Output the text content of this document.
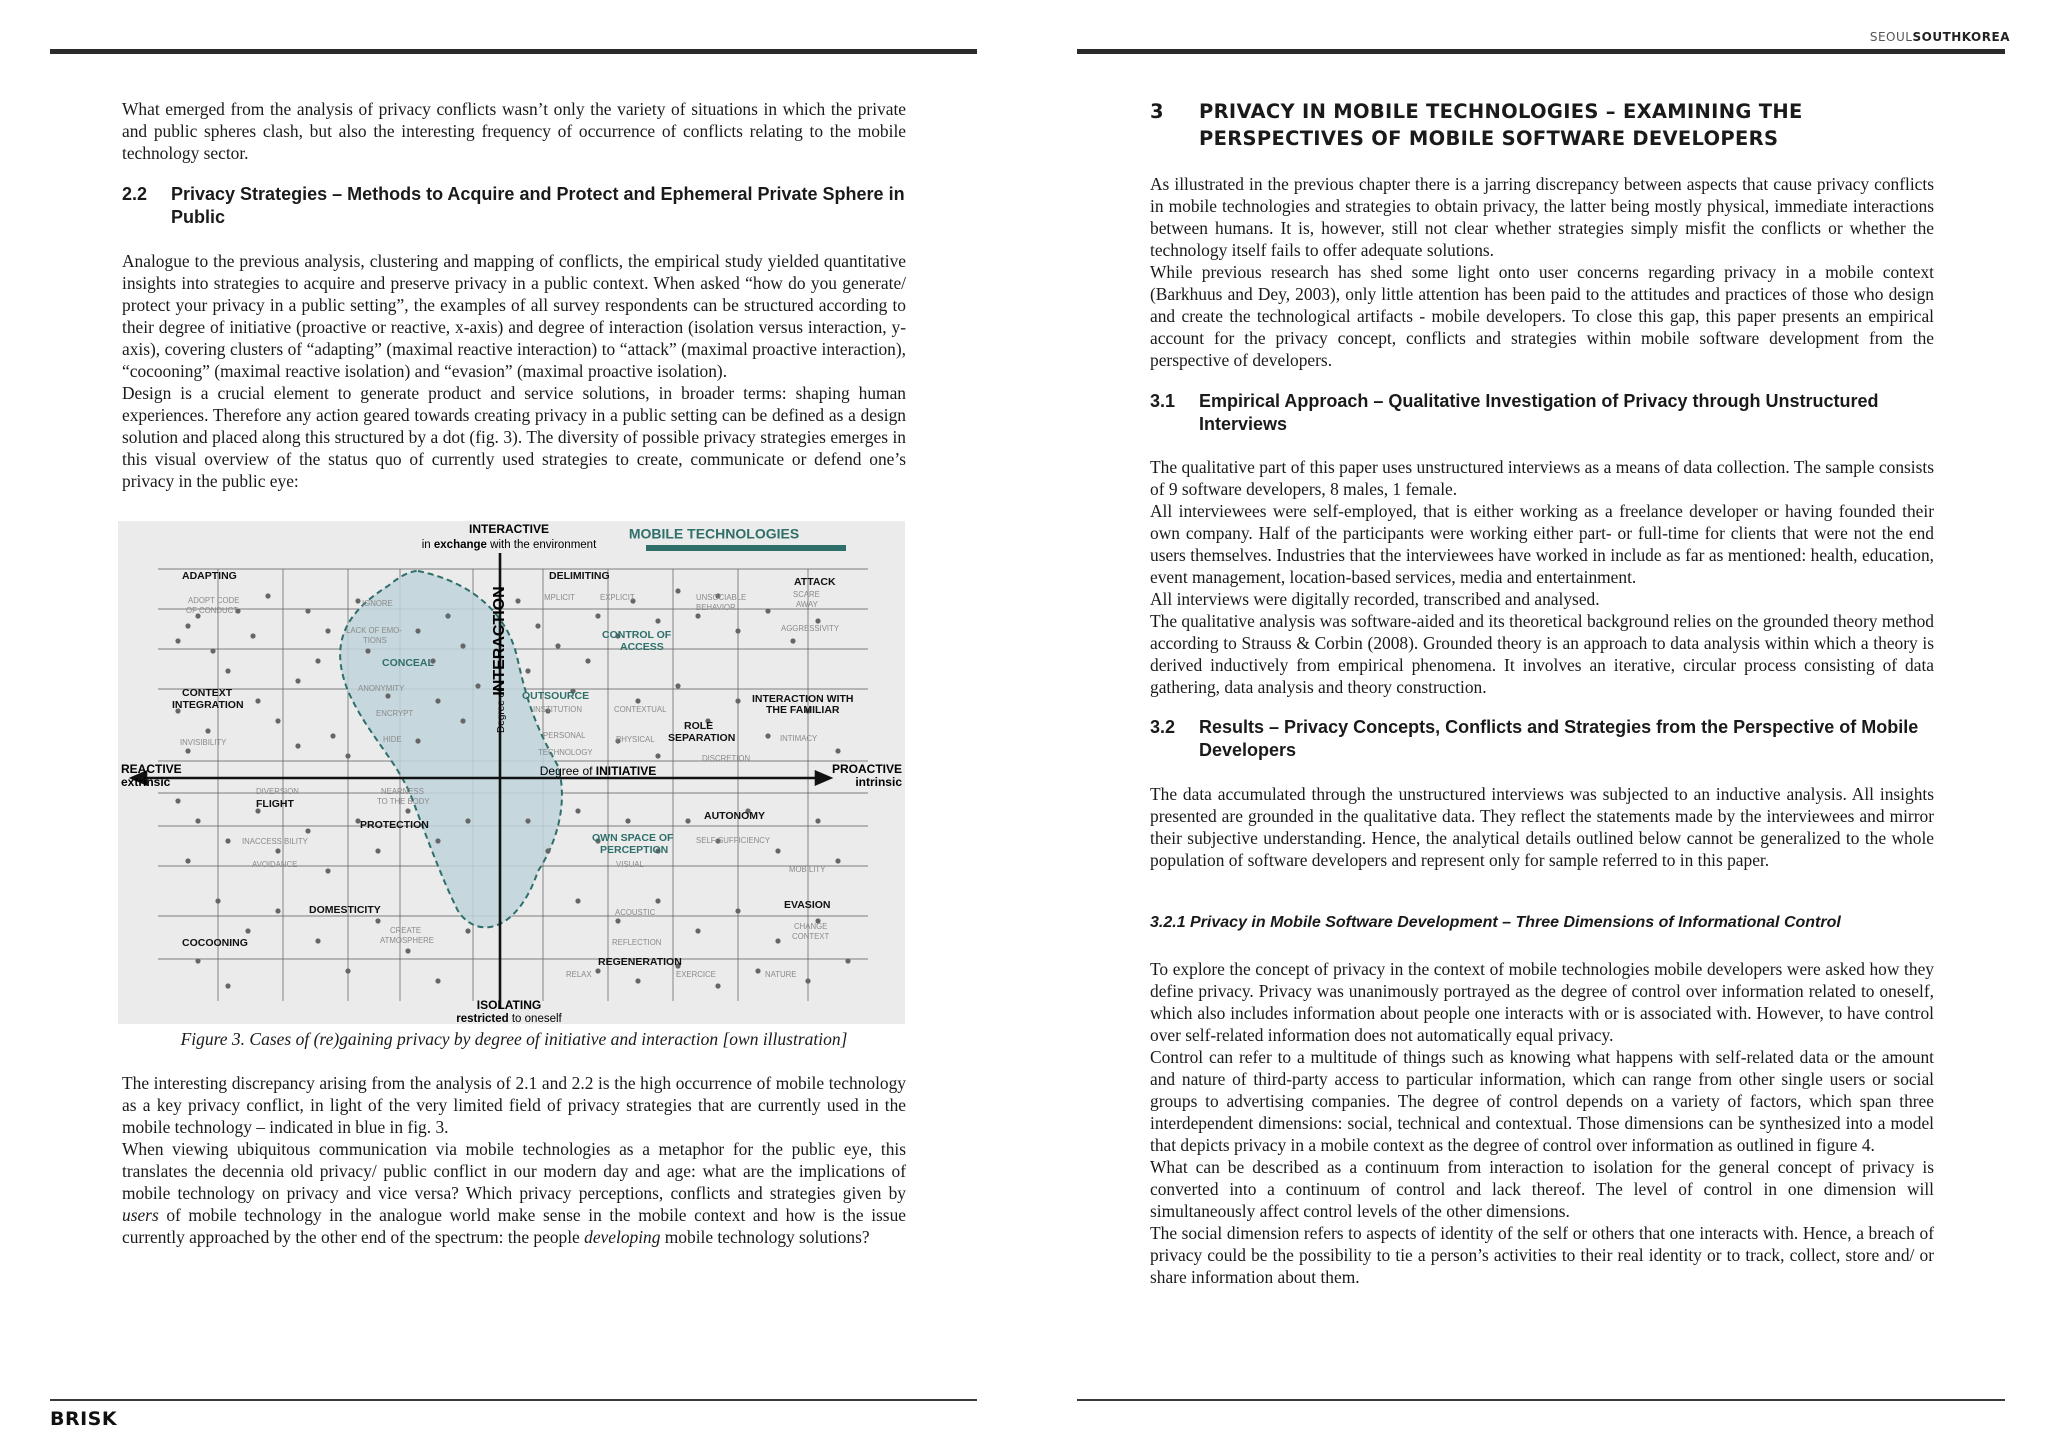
SEOULSOUTHKOREA
BRISK

What emerged from the analysis of privacy conflicts wasn’t only the variety of situations in which the private and public spheres clash, but also the interesting frequency of occurrence of conflicts relating to the mobile technology sector.

2.2	Privacy Strategies – Methods to Acquire and Protect and Ephemeral Private Sphere in Public

Analogue to the previous analysis, clustering and mapping of conflicts, the empirical study yielded quantitative insights into strategies to acquire and preserve privacy in a public context. When asked “how do you generate/ protect your privacy in a public setting”, the examples of all survey respondents can be structured according to their degree of initiative (proactive or reactive, x-axis) and degree of interaction (isolation versus interaction, y-axis), covering clusters of “adapting” (maximal reactive interaction) to “attack” (maximal proactive interaction), “cocooning” (maximal reactive isolation) and “evasion” (maximal proactive isolation).

Design is a crucial element to generate product and service solutions, in broader terms: shaping human experiences. Therefore any action geared towards creating privacy in a public setting can be defined as a design solution and placed along this structured by a dot (fig. 3). The diversity of possible privacy strategies emerges in this visual overview of the status quo of currently used strategies to create, communicate or defend one’s privacy in the public eye:

MOBILE TECHNOLOGIES
INTERACTIVE
in exchange with the environment
ISOLATING
restricted to oneself
REACTIVE
extrinsic
PROACTIVE
intrinsic
Degree of INITIATIVE
Degree of
INTERACTION
ADAPTING	DELIMITING	ATTACK
CONTEXT
INTEGRATION	INTERACTION WITH
THE FAMILIAR
ROLE
SEPARATION
FLIGHT
PROTECTION
AUTONOMY
DOMESTICITY	EVASION
COCOONING
REGENERATION
CONCEAL
CONTROL OF
ACCESS
OUTSOURCE
OWN SPACE OF
PERCEPTION
ADOPT CODE
OF CONDUCT
IGNORE
LACK OF EMO-
TIONS
IMPLICIT	EXPLICIT	UNSOCIABLE
BEHAVIOR
SCARE
AWAY
AGGRESSIVITY
ANONYMITY
ENCRYPT	INSTITUTION	CONTEXTUAL
INTIMACY
INVISIBILITY	HIDE	PERSONAL	PHYSICAL
TECHNOLOGY
DISCRETION
DIVERSION	NEARNESS
TO THE BODY
SELF-SUFFICIENCY
INACCESSIBILITY
AVOIDANCE
MOBILITY
VISUAL
CREATE
ATMOSPHERE
ACOUSTIC
CHANGE
CONTEXT
REFLECTION
RELAX	EXERCICE	NATURE
Figure 3. Cases of (re)gaining privacy by degree of initiative and interaction [own illustration]

The interesting discrepancy arising from the analysis of 2.1 and 2.2 is the high occurrence of mobile technology as a key privacy conflict, in light of the very limited field of privacy strategies that are currently used in the mobile technology – indicated in blue in fig. 3.

When viewing ubiquitous communication via mobile technologies as a metaphor for the public eye, this translates the decennia old privacy/ public conflict in our modern day and age: what are the implications of mobile technology on privacy and vice versa? Which privacy perceptions, conflicts and strategies given by users of mobile technology in the analogue world make sense in the mobile context and how is the issue currently approached by the other end of the spectrum: the people developing mobile technology solutions?

3	PRIVACY IN MOBILE TECHNOLOGIES – EXAMINING THE
PERSPECTIVES OF MOBILE SOFTWARE DEVELOPERS

As illustrated in the previous chapter there is a jarring discrepancy between aspects that cause privacy conflicts in mobile technologies and strategies to obtain privacy, the latter being mostly physical, immediate interactions between humans. It is, however, still not clear whether strategies simply misfit the conflicts or whether the technology itself fails to offer adequate solutions.

While previous research has shed some light onto user concerns regarding privacy in a mobile context (Barkhuus and Dey, 2003), only little attention has been paid to the attitudes and practices of those who design and create the technological artifacts - mobile developers. To close this gap, this paper presents an empirical account for the privacy concept, conflicts and strategies within mobile software development from the perspective of developers.

3.1	Empirical Approach – Qualitative Investigation of Privacy through Unstructured Interviews

The qualitative part of this paper uses unstructured interviews as a means of data collection. The sample consists of 9 software developers, 8 males, 1 female.

All interviewees were self-employed, that is either working as a freelance developer or having founded their own company. Half of the participants were working either part- or full-time for clients that were not the end users themselves. Industries that the interviewees have worked in include as far as mentioned: health, education, event management, location-based services, media and entertainment.

All interviews were digitally recorded, transcribed and analysed.

The qualitative analysis was software-aided and its theoretical background relies on the grounded theory method according to Strauss & Corbin (2008). Grounded theory is an approach to data analysis within which a theory is derived inductively from empirical phenomena. It involves an iterative, circular process consisting of data gathering, data analysis and theory construction.

3.2	Results – Privacy Concepts, Conflicts and Strategies from the Perspective of Mobile Developers

The data accumulated through the unstructured interviews was subjected to an inductive analysis. All insights presented are grounded in the qualitative data. They reflect the statements made by the interviewees and mirror their subjective understanding. Hence, the analytical details outlined below cannot be generalized to the whole population of software developers and represent only for sample referred to in this paper.

3.2.1 Privacy in Mobile Software Development – Three Dimensions of Informational Control

To explore the concept of privacy in the context of mobile technologies mobile developers were asked how they define privacy. Privacy was unanimously portrayed as the degree of control over information related to oneself, which also includes information about people one interacts with or is associated with. However, to have control over self-related information does not automatically equal privacy.

Control can refer to a multitude of things such as knowing what happens with self-related data or the amount and nature of third-party access to particular information, which can range from other single users or social groups to advertising companies. The degree of control depends on a variety of factors, which span three interdependent dimensions: social, technical and contextual. Those dimensions can be synthesized into a model that depicts privacy in a mobile context as the degree of control over information as outlined in figure 4.

What can be described as a continuum from interaction to isolation for the general concept of privacy is converted into a continuum of control and lack thereof. The level of control in one dimension will simultaneously affect control levels of the other dimensions.

The social dimension refers to aspects of identity of the self or others that one interacts with. Hence, a breach of privacy could be the possibility to tie a person’s activities to their real identity or to track, collect, store and/ or share information about them.
